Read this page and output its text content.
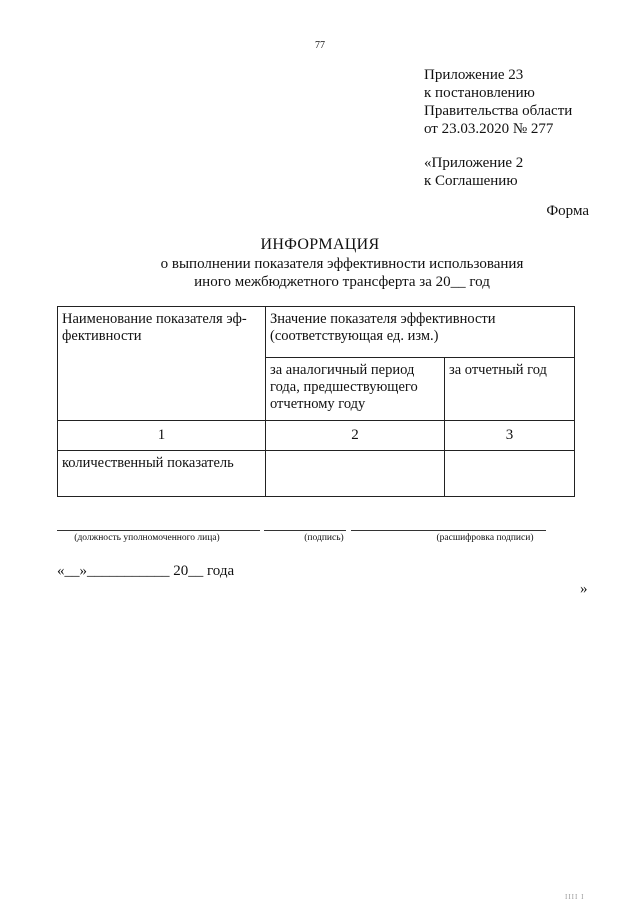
77
Приложение 23
к постановлению
Правительства области
от 23.03.2020 № 277
«Приложение 2
к Соглашению
Форма
ИНФОРМАЦИЯ
о выполнении показателя эффективности использования
иного межбюджетного трансферта за 20__ год
Наименование показателя эф-
фективности	Значение показателя эффективности (соответствующая ед. изм.)	
	за аналогичный период года, предшествующего отчетному году	за отчетный год
1	2	3
количественный показатель		
(должность уполномоченного лица)	(подпись)	(расшифровка подписи)
«__»___________ 20__ года
»
IIII I
